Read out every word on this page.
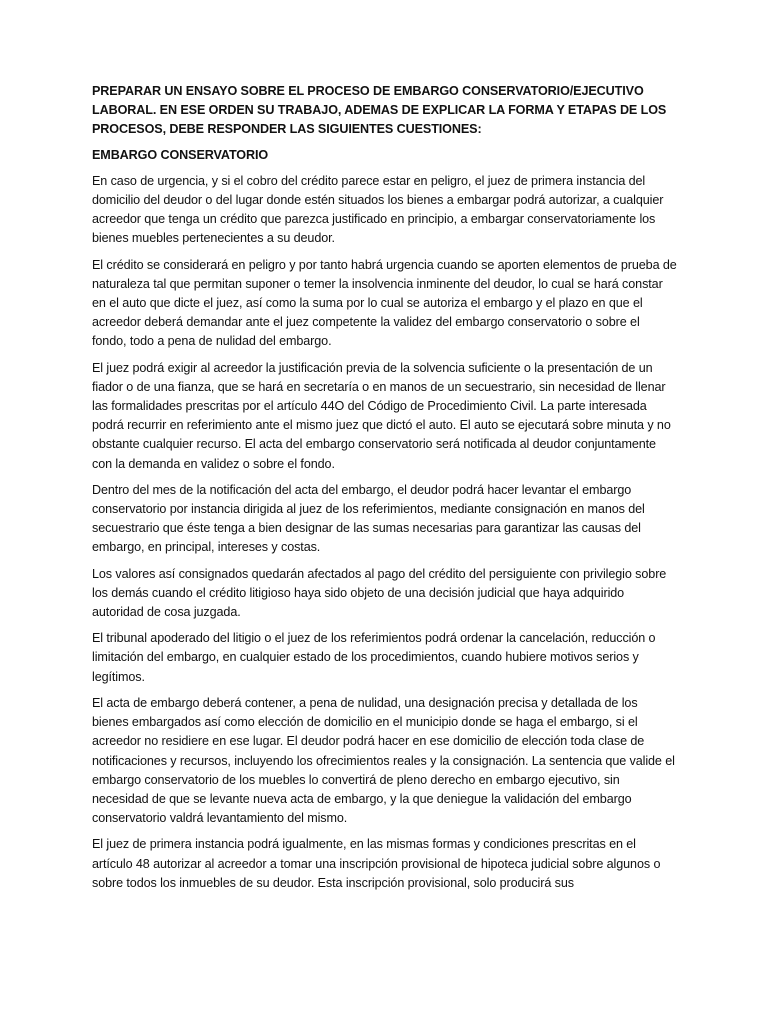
PREPARAR UN ENSAYO SOBRE EL PROCESO DE EMBARGO CONSERVATORIO/EJECUTIVO LABORAL. EN ESE ORDEN SU TRABAJO, ADEMAS DE EXPLICAR LA FORMA Y ETAPAS DE LOS PROCESOS, DEBE RESPONDER LAS SIGUIENTES CUESTIONES:

EMBARGO CONSERVATORIO

En caso de urgencia, y si el cobro del crédito parece estar en peligro, el juez de primera instancia del domicilio del deudor o del lugar donde estén situados los bienes a embargar podrá autorizar, a cualquier acreedor que tenga un crédito que parezca justificado en principio, a embargar conservatoriamente los bienes muebles pertenecientes a su deudor.

El crédito se considerará en peligro y por tanto habrá urgencia cuando se aporten elementos de prueba de naturaleza tal que permitan suponer o temer la insolvencia inminente del deudor, lo cual se hará constar en el auto que dicte el juez, así como la suma por lo cual se autoriza el embargo y el plazo en que el acreedor deberá demandar ante el juez competente la validez del embargo conservatorio o sobre el fondo, todo a pena de nulidad del embargo.

El juez podrá exigir al acreedor la justificación previa de la solvencia suficiente o la presentación de un fiador o de una fianza, que se hará en secretaría o en manos de un secuestrario, sin necesidad de llenar las formalidades prescritas por el artículo 44O del Código de Procedimiento Civil. La parte interesada podrá recurrir en referimiento ante el mismo juez que dictó el auto. El auto se ejecutará sobre minuta y no obstante cualquier recurso. El acta del embargo conservatorio será notificada al deudor conjuntamente con la demanda en validez o sobre el fondo.

Dentro del mes de la notificación del acta del embargo, el deudor podrá hacer levantar el embargo conservatorio por instancia dirigida al juez de los referimientos, mediante consignación en manos del secuestrario que éste tenga a bien designar de las sumas necesarias para garantizar las causas del embargo, en principal, intereses y costas.

Los valores así consignados quedarán afectados al pago del crédito del persiguiente con privilegio sobre los demás cuando el crédito litigioso haya sido objeto de una decisión judicial que haya adquirido autoridad de cosa juzgada.

El tribunal apoderado del litigio o el juez de los referimientos podrá ordenar la cancelación, reducción o limitación del embargo, en cualquier estado de los procedimientos, cuando hubiere motivos serios y legítimos.

El acta de embargo deberá contener, a pena de nulidad, una designación precisa y detallada de los bienes embargados así como elección de domicilio en el municipio donde se haga el embargo, si el acreedor no residiere en ese lugar. El deudor podrá hacer en ese domicilio de elección toda clase de notificaciones y recursos, incluyendo los ofrecimientos reales y la consignación. La sentencia que valide el embargo conservatorio de los muebles lo convertirá de pleno derecho en embargo ejecutivo, sin necesidad de que se levante nueva acta de embargo, y la que deniegue la validación del embargo conservatorio valdrá levantamiento del mismo.

El juez de primera instancia podrá igualmente, en las mismas formas y condiciones prescritas en el artículo 48 autorizar al acreedor a tomar una inscripción provisional de hipoteca judicial sobre algunos o sobre todos los inmuebles de su deudor. Esta inscripción provisional, solo producirá sus
